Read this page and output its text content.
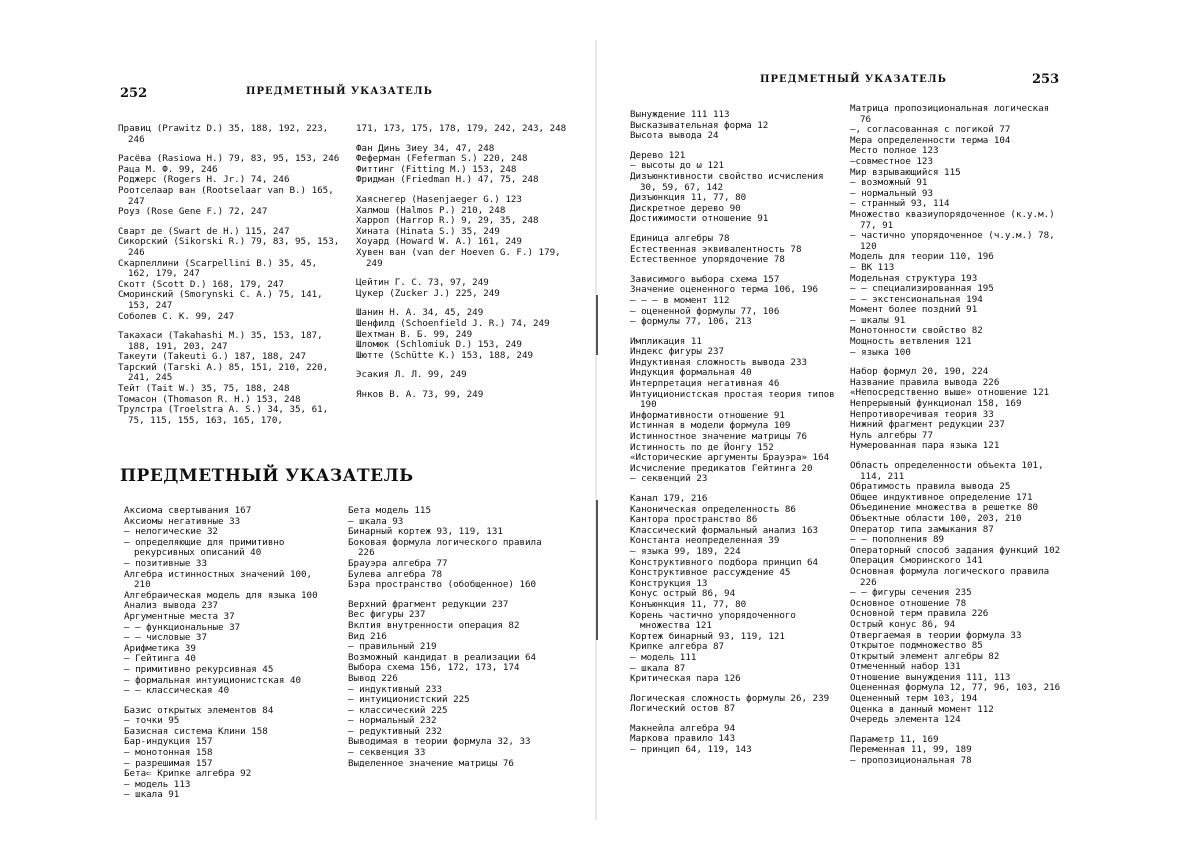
252	ПРЕДМЕТНЫЙ УКАЗАТЕЛЬ
Правиц (Prawitz D.) 35, 188, 192, 223, 246
Расёва (Rasiowa H.) 79, 83, 95, 153, 246
Раца М. Ф. 99, 246
Роджерс (Rogers H. Jr.) 74, 246
Роотселаар ван (Rootselaar van B.) 165, 247
Роуз (Rose Gene F.) 72, 247
Сварт де (Swart de H.) 115, 247
Сикорский (Sikorski R.) 79, 83, 95, 153, 246
Скарпеллини (Scarpellini B.) 35, 45, 162, 179, 247
Скотт (Scott D.) 168, 179, 247
Сморинский (Smorynski C. A.) 75, 141, 153, 247
Соболев С. К. 99, 247
Такахаси (Takahashi M.) 35, 153, 187, 188, 191, 203, 247
Такеути (Takeuti G.) 187, 188, 247
Тарский (Tarski A.) 85, 151, 210, 220, 241, 245
Тейт (Tait W.) 35, 75, 188, 248
Томасон (Thomason R. H.) 153, 248
Трулстра (Troelstra A. S.) 34, 35, 61, 75, 115, 155, 163, 165, 170,
171, 173, 175, 178, 179, 242, 243, 248
Фан Динь Зиеу 34, 47, 248
Феферман (Feferman S.) 220, 248
Фиттинг (Fitting M.) 153, 248
Фридман (Friedman H.) 47, 75, 248
Хаяснегер (Hasenjaeger G.) 123
Халмош (Halmos P.) 210, 248
Харроп (Harrop R.) 9, 29, 35, 248
Хината (Hinata S.) 35, 249
Хоуард (Howard W. A.) 161, 249
Хувен ван (van der Hoeven G. F.) 179, 249
Цейтин Г. С. 73, 97, 249
Цукер (Zucker J.) 225, 249
Шанин Н. А. 34, 45, 249
Шенфилд (Schoenfield J. R.) 74, 249
Шехтман В. Б. 99, 249
Шломюк (Schlomiuk D.) 153, 249
Шютте (Schütte K.) 153, 188, 249
Эсакия Л. Л. 99, 249
Янков В. А. 73, 99, 249
ПРЕДМЕТНЫЙ УКАЗАТЕЛЬ
Аксиома свертывания 167
Аксиомы негативные 33
— нелогические 32
— определяющие для примитивно рекурсивных описаний 40
— позитивные 33
Алгебра истинностных значений 100, 210
Алгебраическая модель для языка 100
Анализ вывода 237
Аргументные места 37
— — функциональные 37
— — числовые 37
Арифметика 39
— Гейтинга 40
— примитивно рекурсивная 45
— формальная интуиционистская 40
— — классическая 40
Базис открытых элементов 84
— точки 95
Базисная система Клини 158
Бар-индукция 157
— монотонная 158
— разрешимая 157
Бета⇐ Крипке алгебра 92
— модель 113
— шкала 91
Бета модель 115
— шкала 93
Бинарный кортеж 93, 119, 131
Боковая формула логического правила 226
Брауэра алгебра 77
Булева алгебра 78
Бэра пространство (обобщенное) 160
Верхний фрагмент редукции 237
Вес фигуры 237
Вклтия внутренности операция 82
Вид 216
— правильный 219
Возможный кандидат в реализации 64
Выбора схема 156, 172, 173, 174
Вывод 226
— индуктивный 233
— интуиционистский 225
— классический 225
— нормальный 232
— редуктивный 232
Выводимая в теории формула 32, 33
— секвенция 33
Выделенное значение матрицы 76
ПРЕДМЕТНЫЙ УКАЗАТЕЛЬ	253
Вынуждение 111 113
Высказывательная форма 12
Высота вывода 24
Дерево 121
— высоты до ω 121
Дизъюнктивности свойство исчисления 30, 59, 67, 142
Дизъюнкция 11, 77, 80
Дискретное дерево 90
Достижимости отношение 91
Единица алгебры 78
Естественная эквивалентность 78
Естественное упорядочение 78
Зависимого выбора схема 157
Значение оцененного терма 106, 196
— — — в момент 112
— оцененной формулы 77, 106
— формулы 77, 106, 213
Импликация 11
Индекс фигуры 237
Индуктивная сложность вывода 233
Индукция формальная 40
Интерпретация негативная 46
Интуиционистская простая теория типов 190
Информативности отношение 91
Истинная в модели формула 109
Истинностное значение матрицы 76
Истинность по де Йонгу 152
«Исторические аргументы Брауэра» 164
Исчисление предикатов Гейтинга 20
— секвенций 23
Канал 179, 216
Каноническая определенность 86
Канторa пространство 86
Классический формальный анализ 163
Константа неопределенная 39
— языка 99, 189, 224
Конструктивного подбора принцип 64
Конструктивное рассуждение 45
Конструкция 13
Конус острый 86, 94
Конъюнкция 11, 77, 80
Корень частично упорядоченного множества 121
Кортеж бинарный 93, 119, 121
Крипке алгебра 87
— модель 111
— шкала 87
Критическая пара 126
Логическая сложность формулы 26, 239
Логический остов 87
Макнейла алгебра 94
Маркова правило 143
— принцип 64, 119, 143
Матрица пропозициональная логическая 76
—, согласованная с логикой 77
Мера определенности терма 104
Место полное 123
—совместное 123
Мир взрывающийся 115
— возможный 91
— нормальный 93
— странный 93, 114
Множество квазиупорядоченное (к.у.м.) 77, 91
— частично упорядоченное (ч.у.м.) 78, 120
Модель для теории 110, 196
— ВК 113
Модельная структура 193
— — специализированная 195
— — экстенсиональная 194
Момент более поздний 91
— шкалы 91
Монотонности свойство 82
Мощность ветвления 121
— языка 100
Набор формул 20, 190, 224
Название правила вывода 226
«Непосредственно выше» отношение 121
Непрерывный функционал 158, 169
Непротиворечивая теория 33
Нижний фрагмент редукции 237
Нуль алгебры 77
Нумерованная пара языка 121
Область определенности объекта 101, 114, 211
Обратимость правила вывода 25
Общее индуктивное определение 171
Объединение множества в решетке 80
Объектные области 100, 203, 210
Оператор типа замыкания 87
— — пополнения 89
Операторный способ задания функций 102
Операция Сморинского 141
Основная формула логического правила 226
— — фигуры сечения 235
Основное отношение 78
Основной терм правила 226
Острый конус 86, 94
Отвергаемая в теории формула 33
Открытое подмножество 85
Открытый элемент алгебры 82
Отмеченный набор 131
Отношение вынуждения 111, 113
Оцененная формула 12, 77, 96, 103, 216
Оцененный терм 103, 194
Оценка в данный момент 112
Очередь элемента 124
Параметр 11, 169
Переменная 11, 99, 189
— пропозициональная 78
